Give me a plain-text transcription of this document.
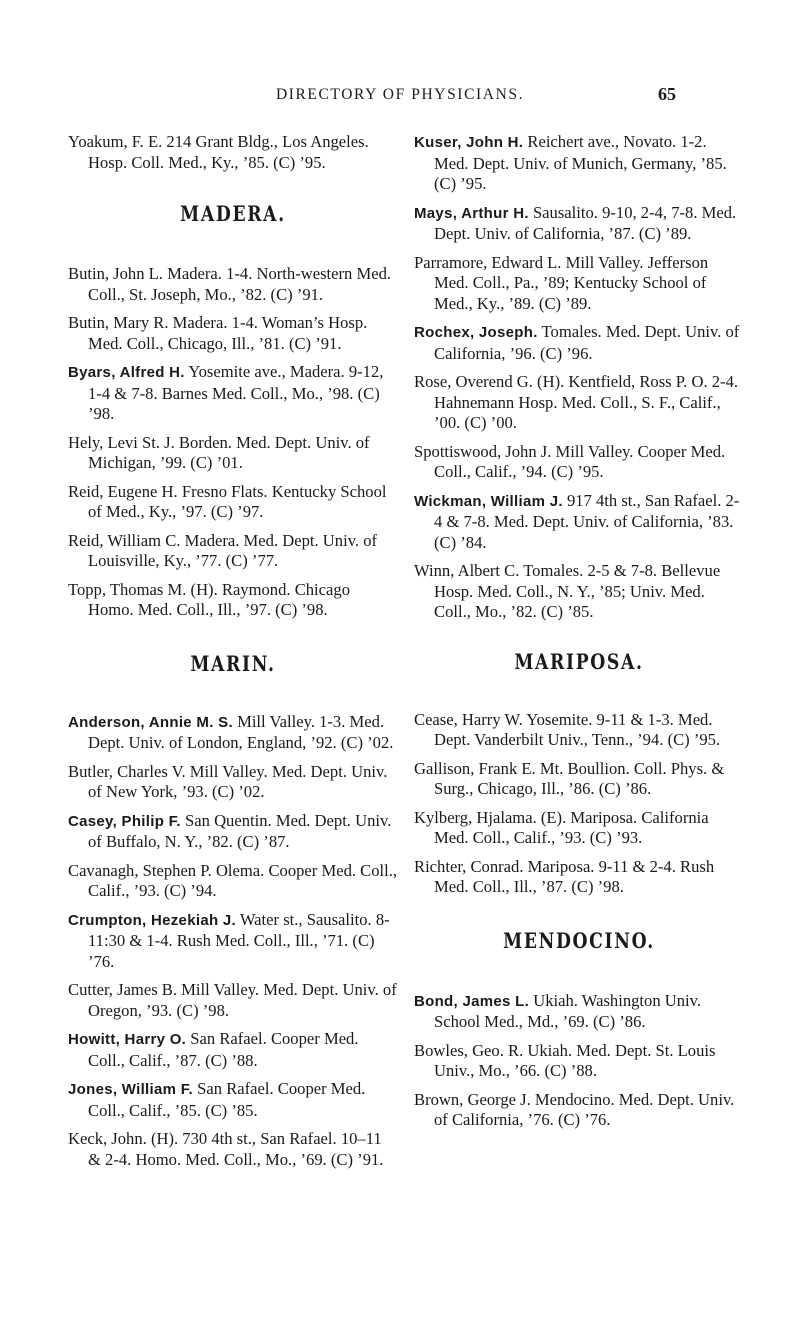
DIRECTORY OF PHYSICIANS.	65

Yoakum, F. E. 214 Grant Bldg., Los Angeles. Hosp. Coll. Med., Ky., ’85. (C) ’95.

MADERA.

Butin, John L. Madera. 1-4. North-western Med. Coll., St. Joseph, Mo., ’82. (C) ’91.

Butin, Mary R. Madera. 1-4. Woman’s Hosp. Med. Coll., Chicago, Ill., ’81. (C) ’91.

Byars, Alfred H. Yosemite ave., Madera. 9-12, 1-4 & 7-8. Barnes Med. Coll., Mo., ’98. (C) ’98.

Hely, Levi St. J. Borden. Med. Dept. Univ. of Michigan, ’99. (C) ’01.

Reid, Eugene H. Fresno Flats. Kentucky School of Med., Ky., ’97. (C) ’97.

Reid, William C. Madera. Med. Dept. Univ. of Louisville, Ky., ’77. (C) ’77.

Topp, Thomas M. (H). Raymond. Chicago Homo. Med. Coll., Ill., ’97. (C) ’98.

MARIN.

Anderson, Annie M. S. Mill Valley. 1-3. Med. Dept. Univ. of London, England, ’92. (C) ’02.

Butler, Charles V. Mill Valley. Med. Dept. Univ. of New York, ’93. (C) ’02.

Casey, Philip F. San Quentin. Med. Dept. Univ. of Buffalo, N. Y., ’82. (C) ’87.

Cavanagh, Stephen P. Olema. Cooper Med. Coll., Calif., ’93. (C) ’94.

Crumpton, Hezekiah J. Water st., Sausalito. 8-11:30 & 1-4. Rush Med. Coll., Ill., ’71. (C) ’76.

Cutter, James B. Mill Valley. Med. Dept. Univ. of Oregon, ’93. (C) ’98.

Howitt, Harry O. San Rafael. Cooper Med. Coll., Calif., ’87. (C) ’88.

Jones, William F. San Rafael. Cooper Med. Coll., Calif., ’85. (C) ’85.

Keck, John. (H). 730 4th st., San Rafael. 10–11 & 2-4. Homo. Med. Coll., Mo., ’69. (C) ’91.

Kuser, John H. Reichert ave., Novato. 1-2. Med. Dept. Univ. of Munich, Germany, ’85. (C) ’95.

Mays, Arthur H. Sausalito. 9-10, 2-4, 7-8. Med. Dept. Univ. of California, ’87. (C) ’89.

Parramore, Edward L. Mill Valley. Jefferson Med. Coll., Pa., ’89; Kentucky School of Med., Ky., ’89. (C) ’89.

Rochex, Joseph. Tomales. Med. Dept. Univ. of California, ’96. (C) ’96.

Rose, Overend G. (H). Kentfield, Ross P. O. 2-4. Hahnemann Hosp. Med. Coll., S. F., Calif., ’00. (C) ’00.

Spottiswood, John J. Mill Valley. Cooper Med. Coll., Calif., ’94. (C) ’95.

Wickman, William J. 917 4th st., San Rafael. 2-4 & 7-8. Med. Dept. Univ. of California, ’83. (C) ’84.

Winn, Albert C. Tomales. 2-5 & 7-8. Bellevue Hosp. Med. Coll., N. Y., ’85; Univ. Med. Coll., Mo., ’82. (C) ’85.

MARIPOSA.

Cease, Harry W. Yosemite. 9-11 & 1-3. Med. Dept. Vanderbilt Univ., Tenn., ’94. (C) ’95.

Gallison, Frank E. Mt. Boullion. Coll. Phys. & Surg., Chicago, Ill., ’86. (C) ’86.

Kylberg, Hjalama. (E). Mariposa. California Med. Coll., Calif., ’93. (C) ’93.

Richter, Conrad. Mariposa. 9-11 & 2-4. Rush Med. Coll., Ill., ’87. (C) ’98.

MENDOCINO.

Bond, James L. Ukiah. Washington Univ. School Med., Md., ’69. (C) ’86.

Bowles, Geo. R. Ukiah. Med. Dept. St. Louis Univ., Mo., ’66. (C) ’88.

Brown, George J. Mendocino. Med. Dept. Univ. of California, ’76. (C) ’76.
